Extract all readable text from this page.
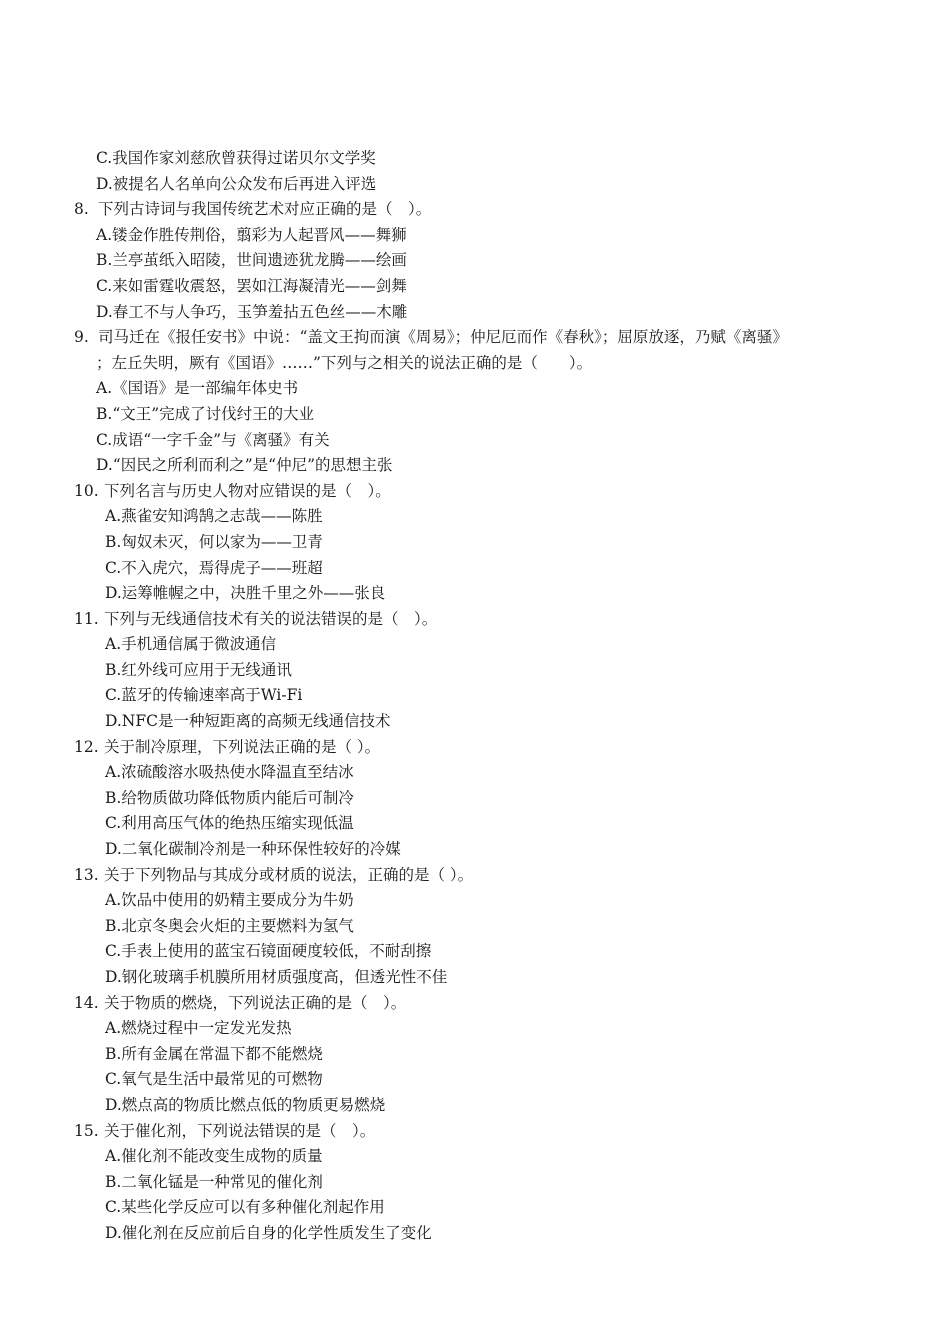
C.我国作家刘慈欣曾获得过诺贝尔文学奖
D.被提名人名单向公众发布后再进入评选
8. 下列古诗词与我国传统艺术对应正确的是（　）。
A.镂金作胜传荆俗，翦彩为人起晋风——舞狮
B.兰亭茧纸入昭陵，世间遗迹犹龙腾——绘画
C.来如雷霆收震怒，罢如江海凝清光——剑舞
D.春工不与人争巧，玉笋羞拈五色丝——木雕
9. 司马迁在《报任安书》中说：“盖文王拘而演《周易》；仲尼厄而作《春秋》；屈原放逐，乃赋《离骚》
；左丘失明，厥有《国语》……”下列与之相关的说法正确的是（　　）。
A.《国语》是一部编年体史书
B.“文王”完成了讨伐纣王的大业
C.成语“一字千金”与《离骚》有关
D.“因民之所利而利之”是“仲尼”的思想主张
10. 下列名言与历史人物对应错误的是（　）。
A.燕雀安知鸿鹄之志哉——陈胜
B.匈奴未灭，何以家为——卫青
C.不入虎穴，焉得虎子——班超
D.运筹帷幄之中，决胜千里之外——张良
11. 下列与无线通信技术有关的说法错误的是（　）。
A.手机通信属于微波通信
B.红外线可应用于无线通讯
C.蓝牙的传输速率高于Wi-Fi
D.NFC是一种短距离的高频无线通信技术
12. 关于制冷原理，下列说法正确的是（ ）。
A.浓硫酸溶水吸热使水降温直至结冰
B.给物质做功降低物质内能后可制冷
C.利用高压气体的绝热压缩实现低温
D.二氧化碳制冷剂是一种环保性较好的冷媒
13. 关于下列物品与其成分或材质的说法，正确的是（ ）。
A.饮品中使用的奶精主要成分为牛奶
B.北京冬奥会火炬的主要燃料为氢气
C.手表上使用的蓝宝石镜面硬度较低，不耐刮擦
D.钢化玻璃手机膜所用材质强度高，但透光性不佳
14. 关于物质的燃烧，下列说法正确的是（　）。
A.燃烧过程中一定发光发热
B.所有金属在常温下都不能燃烧
C.氧气是生活中最常见的可燃物
D.燃点高的物质比燃点低的物质更易燃烧
15. 关于催化剂，下列说法错误的是（　）。
A.催化剂不能改变生成物的质量
B.二氧化锰是一种常见的催化剂
C.某些化学反应可以有多种催化剂起作用
D.催化剂在反应前后自身的化学性质发生了变化
